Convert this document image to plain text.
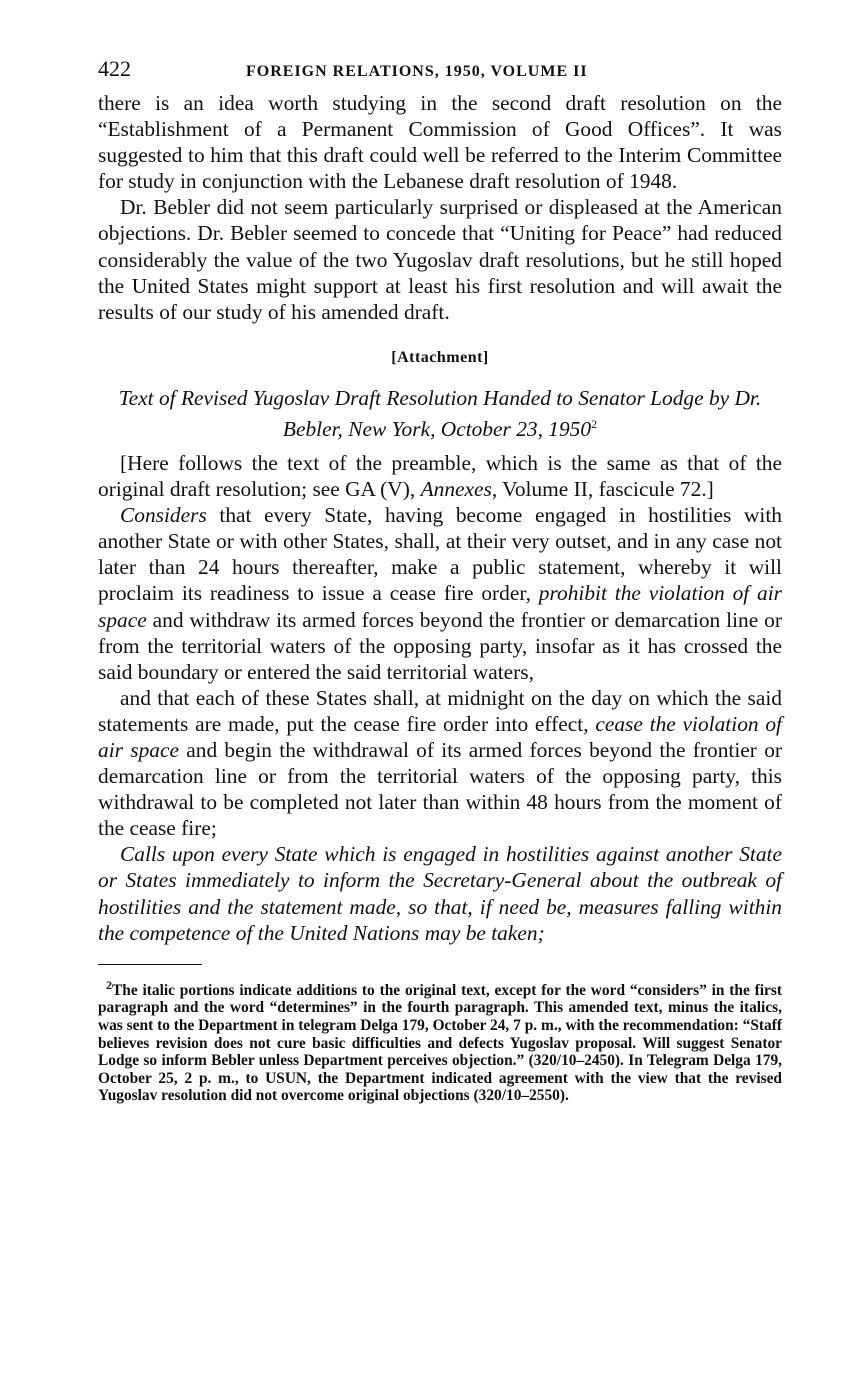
422	FOREIGN RELATIONS, 1950, VOLUME II

there is an idea worth studying in the second draft resolution on the “Establishment of a Permanent Commission of Good Offices”. It was suggested to him that this draft could well be referred to the Interim Committee for study in conjunction with the Lebanese draft resolution of 1948.

Dr. Bebler did not seem particularly surprised or displeased at the American objections. Dr. Bebler seemed to concede that “Uniting for Peace” had reduced considerably the value of the two Yugoslav draft resolutions, but he still hoped the United States might support at least his first resolution and will await the results of our study of his amended draft.

[Attachment]
Text of Revised Yugoslav Draft Resolution Handed to Senator Lodge by Dr. Bebler, New York, October 23, 1950$^2$

[Here follows the text of the preamble, which is the same as that of the original draft resolution; see GA (V), Annexes, Volume II, fascicule 72.]

Considers that every State, having become engaged in hostilities with another State or with other States, shall, at their very outset, and in any case not later than 24 hours thereafter, make a public statement, whereby it will proclaim its readiness to issue a cease fire order, prohibit the violation of air space and withdraw its armed forces beyond the frontier or demarcation line or from the territorial waters of the opposing party, insofar as it has crossed the said boundary or entered the said territorial waters,

and that each of these States shall, at midnight on the day on which the said statements are made, put the cease fire order into effect, cease the violation of air space and begin the withdrawal of its armed forces beyond the frontier or demarcation line or from the territorial waters of the opposing party, this withdrawal to be completed not later than within 48 hours from the moment of the cease fire;

Calls upon every State which is engaged in hostilities against another State or States immediately to inform the Secretary-General about the outbreak of hostilities and the statement made, so that, if need be, measures falling within the competence of the United Nations may be taken;

$^2$The italic portions indicate additions to the original text, except for the word “considers” in the first paragraph and the word “determines” in the fourth paragraph. This amended text, minus the italics, was sent to the Department in telegram Delga 179, October 24, 7 p. m., with the recommendation: “Staff believes revision does not cure basic difficulties and defects Yugoslav proposal. Will suggest Senator Lodge so inform Bebler unless Department perceives objection.” (320/10–2450). In Telegram Delga 179, October 25, 2 p. m., to USUN, the Department indicated agreement with the view that the revised Yugoslav resolution did not overcome original objections (320/10–2550).
